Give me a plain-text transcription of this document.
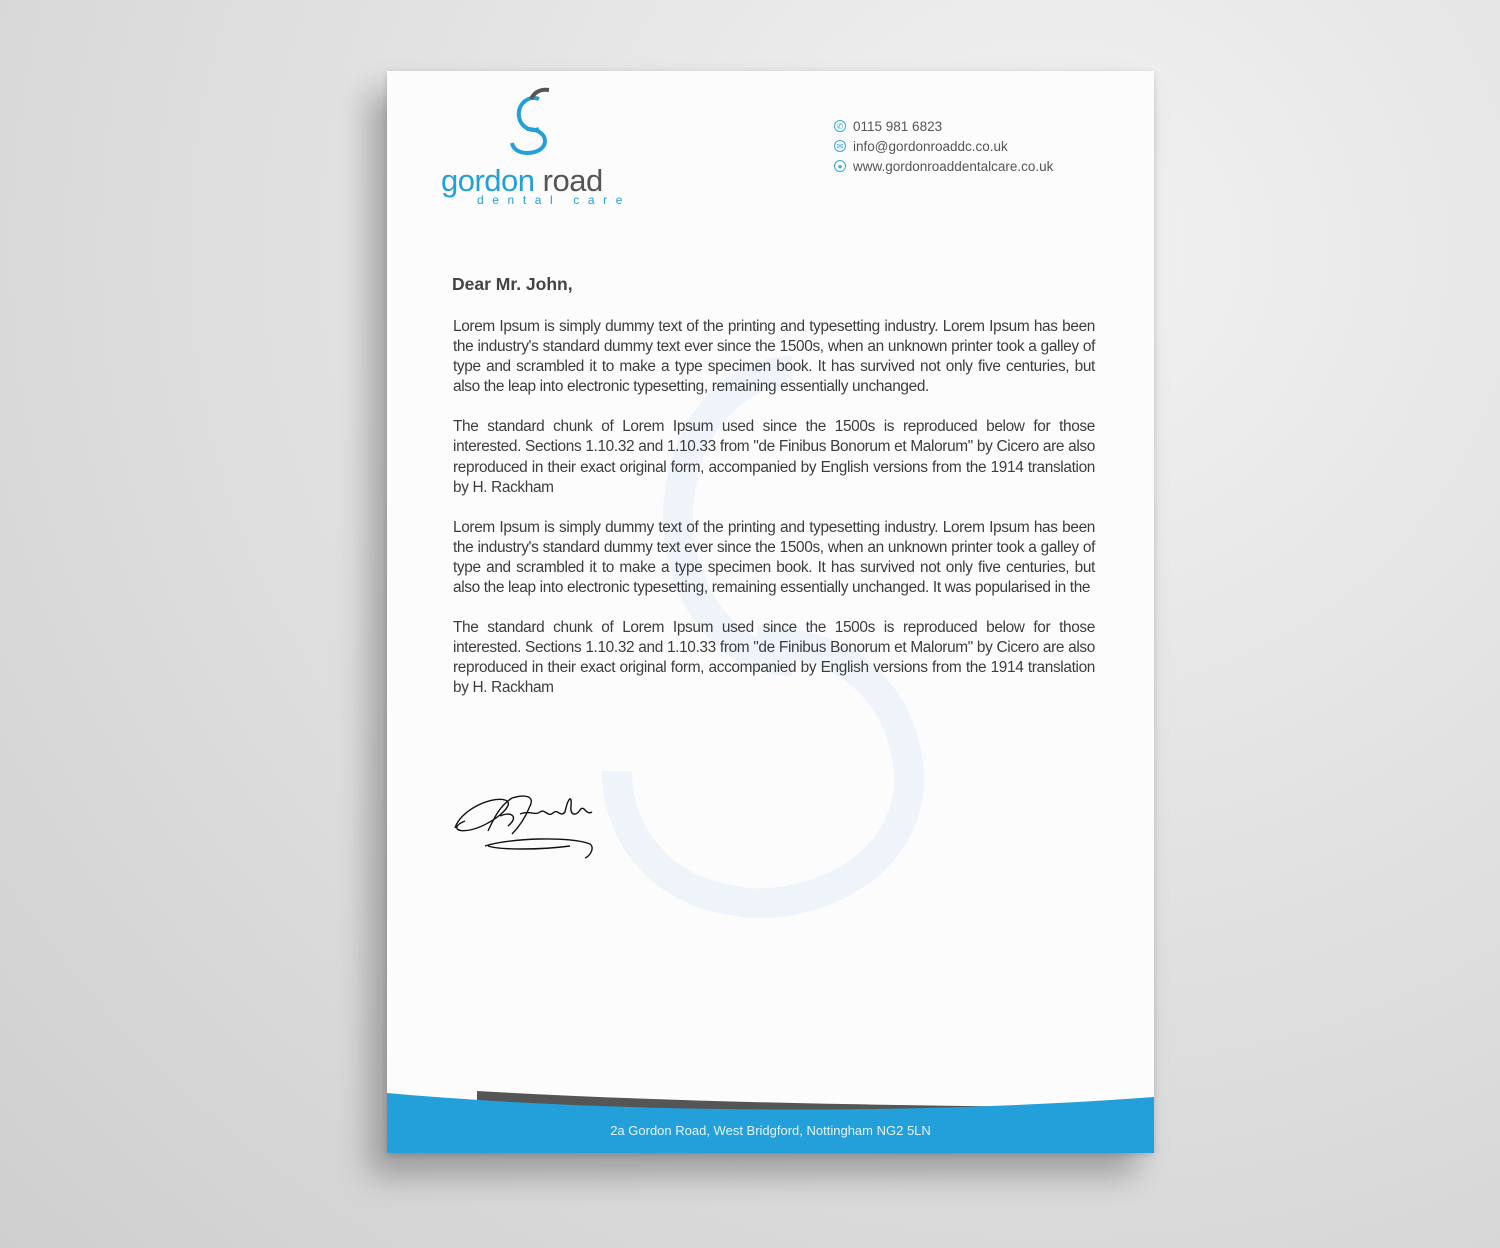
gordon road
dental care
✆ 0115 981 6823
✉ info@gordonroaddc.co.uk
● www.gordonroaddentalcare.co.uk
Dear Mr. John,

Lorem Ipsum is simply dummy text of the printing and typesetting industry. Lorem Ipsum has been the industry's standard dummy text ever since the 1500s, when an unknown printer took a galley of type and scrambled it to make a type specimen book. It has survived not only five centuries, but also the leap into electronic typesetting, remaining essentially unchanged.

The standard chunk of Lorem Ipsum used since the 1500s is reproduced below for those interested. Sections 1.10.32 and 1.10.33 from "de Finibus Bonorum et Malorum" by Cicero are also reproduced in their exact original form, accompanied by English versions from the 1914 translation by H. Rackham

Lorem Ipsum is simply dummy text of the printing and typesetting industry. Lorem Ipsum has been the industry's standard dummy text ever since the 1500s, when an unknown printer took a galley of type and scrambled it to make a type specimen book. It has survived not only five centuries, but also the leap into electronic typesetting, remaining essentially unchanged. It was popularised in the

The standard chunk of Lorem Ipsum used since the 1500s is reproduced below for those interested. Sections 1.10.32 and 1.10.33 from "de Finibus Bonorum et Malorum" by Cicero are also reproduced in their exact original form, accompanied by English versions from the 1914 translation by H. Rackham

2a Gordon Road, West Bridgford, Nottingham NG2 5LN
